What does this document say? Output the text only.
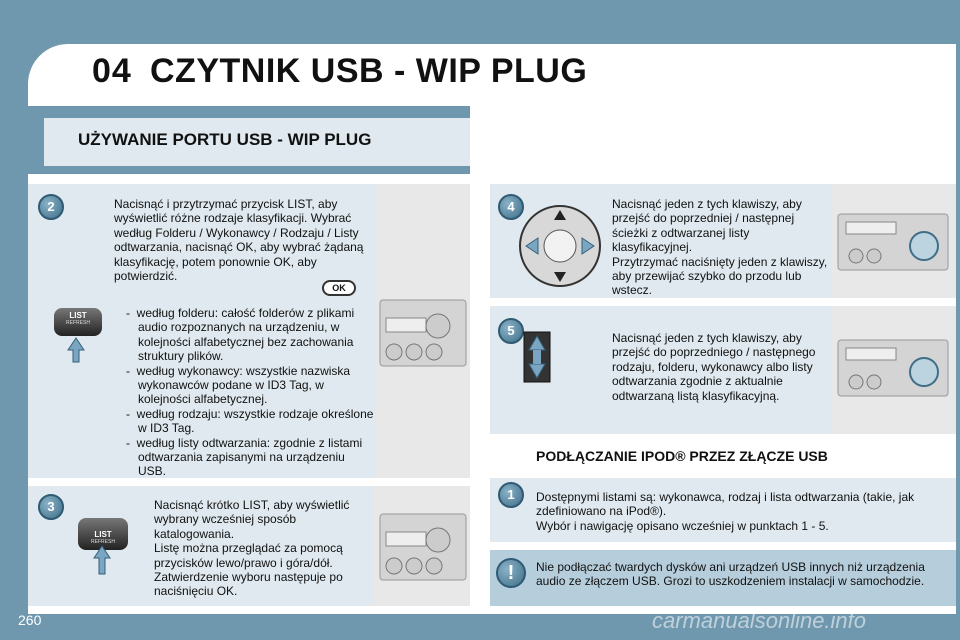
04 CZYTNIK USB - WIP PLUG
UŻYWANIE PORTU USB - WIP PLUG
2	Nacisnąć i przytrzymać przycisk LIST, aby wyświetlić różne rodzaje klasyfikacji. Wybrać według Folderu / Wykonawcy / Rodzaju / Listy odtwarzania, nacisnąć OK, aby wybrać żądaną klasyfikację, potem ponownie OK, aby potwierdzić.
OK
LIST
REFRESH
-  według folderu: całość folderów z plikami audio rozpoznanych na urządzeniu, w kolejności alfabetycznej bez zachowania struktury plików.
-  według wykonawcy: wszystkie nazwiska wykonawców podane w ID3 Tag, w kolejności alfabetycznej.
-  według rodzaju: wszystkie rodzaje określone w ID3 Tag.
-  według listy odtwarzania: zgodnie z listami odtwarzania zapisanymi na urządzeniu USB.
3	Nacisnąć krótko LIST, aby wyświetlić wybrany wcześniej sposób katalogowania.
Listę można przeglądać za pomocą przycisków lewo/prawo i góra/dół.
Zatwierdzenie wyboru następuje po naciśnięciu OK.
LIST
REFRESH
4	Nacisnąć jeden z tych klawiszy, aby przejść do poprzedniej / następnej ścieżki z odtwarzanej listy klasyfikacyjnej.
Przytrzymać naciśnięty jeden z klawiszy, aby przewijać szybko do przodu lub wstecz.
5	Nacisnąć jeden z tych klawiszy, aby przejść do poprzedniego / następnego rodzaju, folderu, wykonawcy albo listy odtwarzania zgodnie z aktualnie odtwarzaną listą klasyfikacyjną.
PODŁĄCZANIE IPOD® PRZEZ ZŁĄCZE USB
1	Dostępnymi listami są: wykonawca, rodzaj i lista odtwarzania (takie, jak zdefiniowano na iPod®).
Wybór i nawigację opisano wcześniej w punktach 1 - 5.
!	Nie podłączać twardych dysków ani urządzeń USB innych niż urządzenia audio ze złączem USB. Grozi to uszkodzeniem instalacji w samochodzie.
260	carmanualsonline.info
